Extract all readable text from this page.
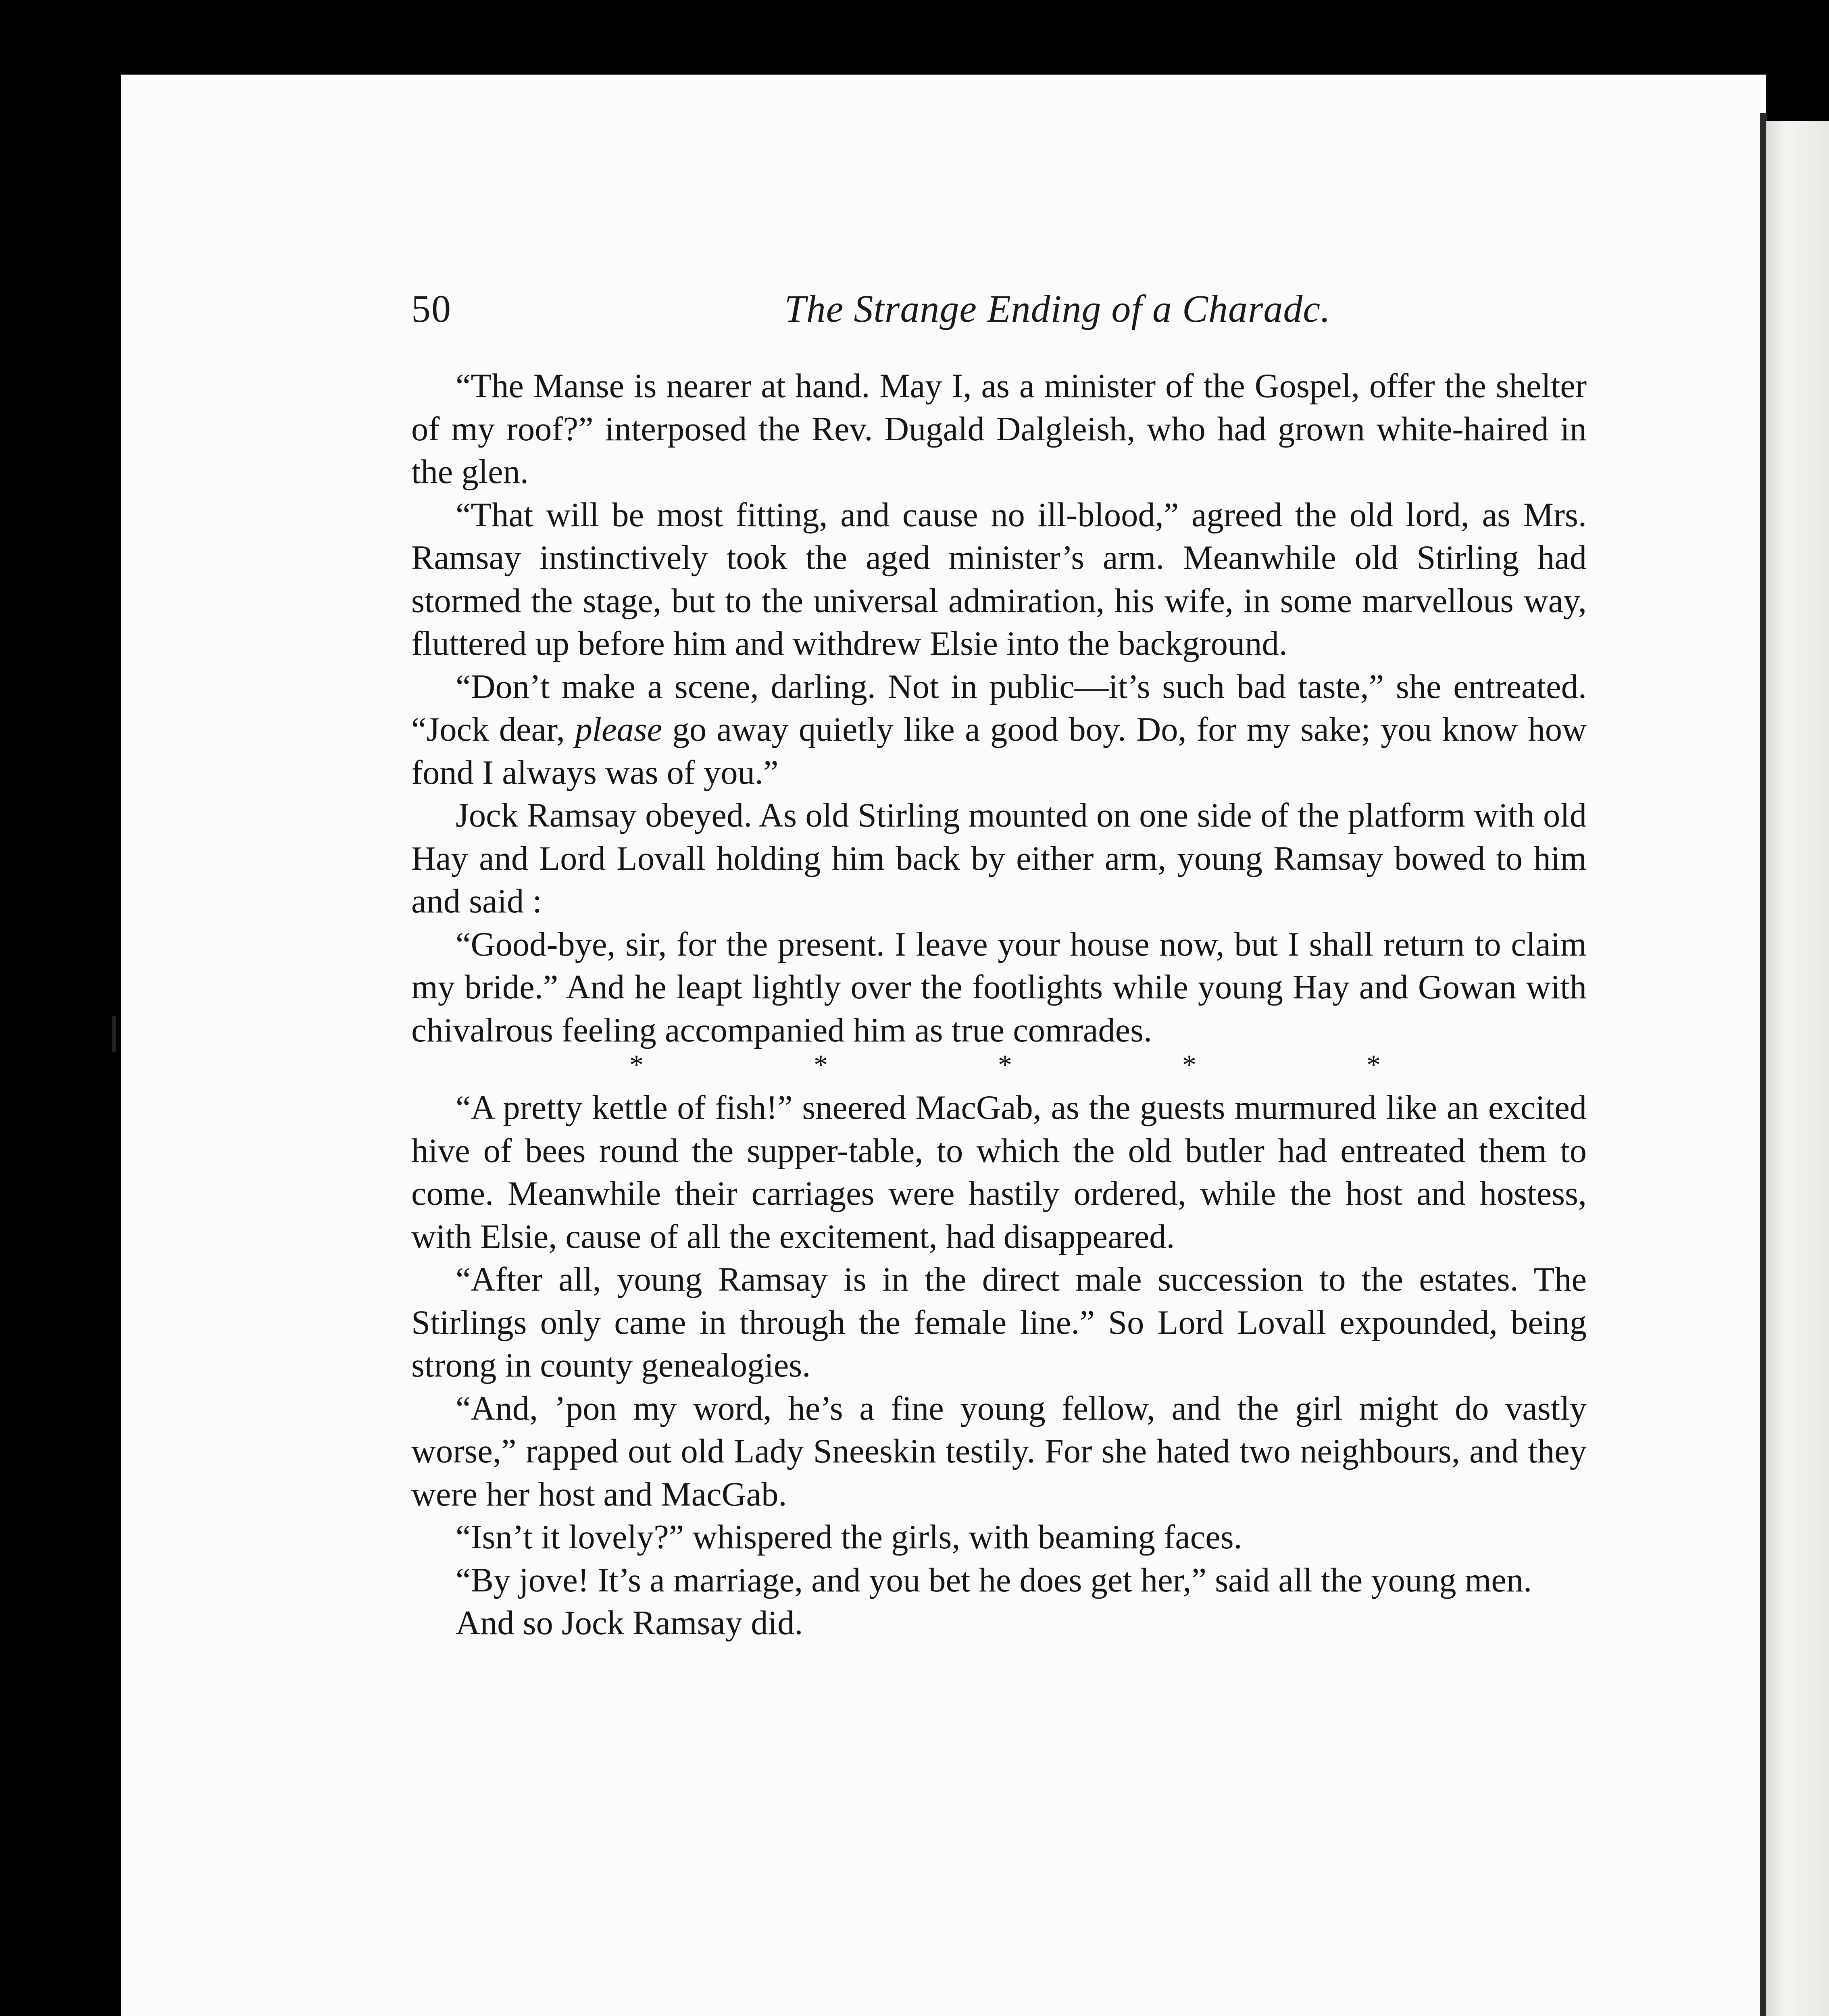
50	The Strange Ending of a Charadc.

“The Manse is nearer at hand. May I, as a minister of the Gospel, offer the shelter of my roof?” interposed the Rev. Dugald Dalgleish, who had grown white-haired in the glen.

“That will be most fitting, and cause no ill-blood,” agreed the old lord, as Mrs. Ramsay instinctively took the aged minister’s arm. Meanwhile old Stirling had stormed the stage, but to the universal admiration, his wife, in some marvellous way, fluttered up before him and withdrew Elsie into the background.

“Don’t make a scene, darling. Not in public—it’s such bad taste,” she entreated. “Jock dear, please go away quietly like a good boy. Do, for my sake; you know how fond I always was of you.”

Jock Ramsay obeyed. As old Stirling mounted on one side of the platform with old Hay and Lord Lovall holding him back by either arm, young Ramsay bowed to him and said :

“Good-bye, sir, for the present. I leave your house now, but I shall return to claim my bride.” And he leapt lightly over the footlights while young Hay and Gowan with chivalrous feeling accompanied him as true comrades.

*	*	*	*	*

“A pretty kettle of fish!” sneered MacGab, as the guests murmured like an excited hive of bees round the supper-table, to which the old butler had entreated them to come. Meanwhile their carriages were hastily ordered, while the host and hostess, with Elsie, cause of all the excitement, had disappeared.

“After all, young Ramsay is in the direct male succession to the estates. The Stirlings only came in through the female line.” So Lord Lovall expounded, being strong in county genealogies.

“And, ’pon my word, he’s a fine young fellow, and the girl might do vastly worse,” rapped out old Lady Sneeskin testily. For she hated two neighbours, and they were her host and MacGab.

“Isn’t it lovely?” whispered the girls, with beaming faces.

“By jove! It’s a marriage, and you bet he does get her,” said all the young men.

And so Jock Ramsay did.
